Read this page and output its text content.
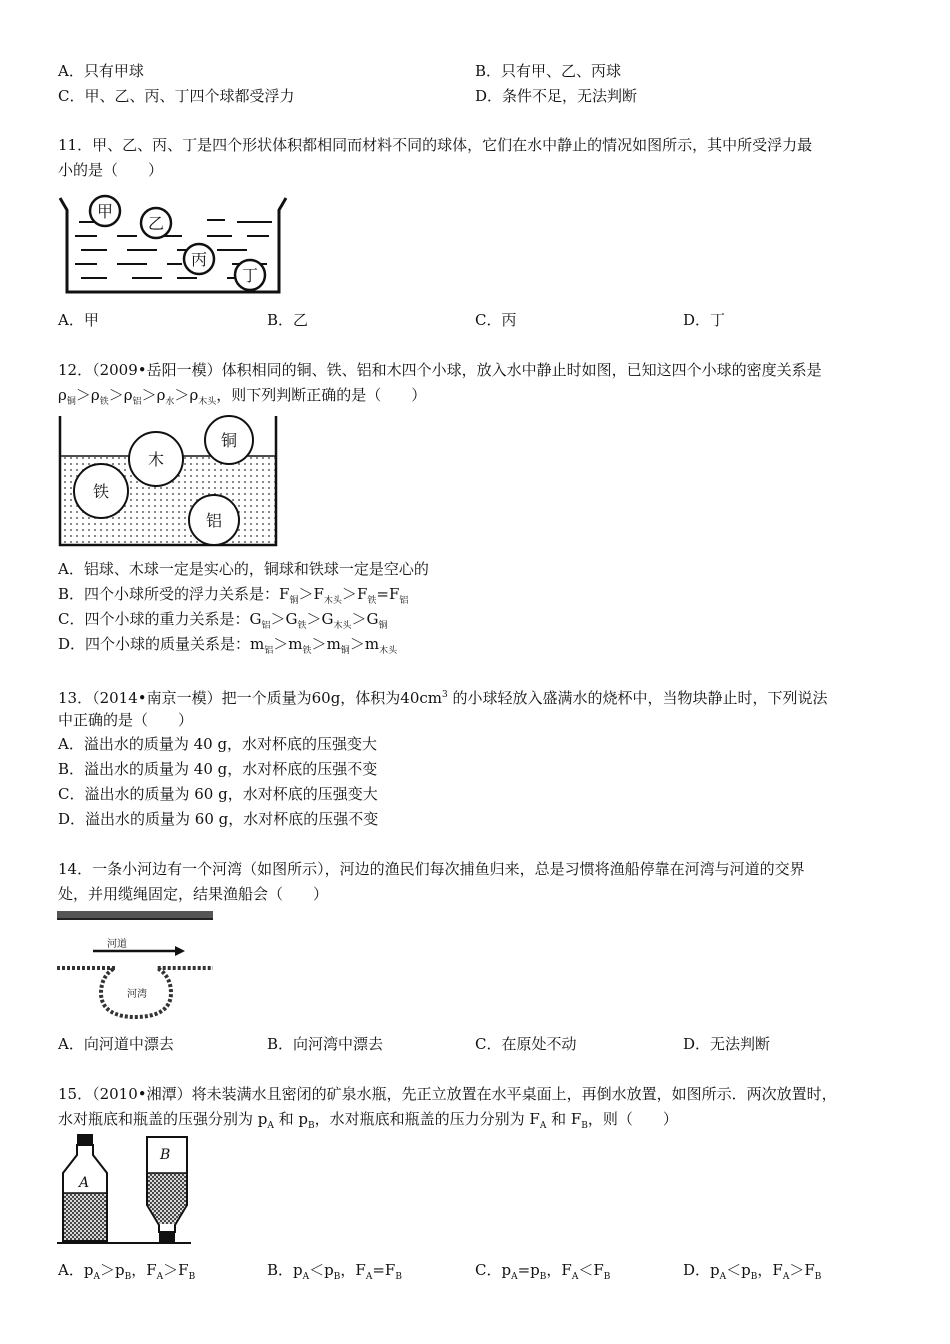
A．只有甲球	B．只有甲、乙、丙球
C．甲、乙、丙、丁四个球都受浮力	D．条件不足，无法判断
11．甲、乙、丙、丁是四个形状体积都相同而材料不同的球体，它们在水中静止的情况如图所示，其中所受浮力最
小的是（　　）
甲
乙
丙
丁
A．甲	B．乙	C．丙	D．丁
12．（2009•岳阳一模）体积相同的铜、铁、铝和木四个小球，放入水中静止时如图，已知这四个小球的密度关系是
$\rho_铜>\rho_铁>\rho_铝>\rho_水>\rho_{木头}$，则下列判断正确的是（　　）
木
铜
铁
铝
A．铝球、木球一定是实心的，铜球和铁球一定是空心的
B．四个小球所受的浮力关系是：$F_铜>F_{木头}>F_铁=F_铝$
C．四个小球的重力关系是：$G_铝>G_铁>G_{木头}>G_铜$
D．四个小球的质量关系是：$m_铝>m_铁>m_铜>m_{木头}$
13．（2014•南京一模）把一个质量为60g，体积为$40cm^3$ 的小球轻放入盛满水的烧杯中，当物块静止时，下列说法
中正确的是（　　）
A．溢出水的质量为 40 g，水对杯底的压强变大
B．溢出水的质量为 40 g，水对杯底的压强不变
C．溢出水的质量为 60 g，水对杯底的压强变大
D．溢出水的质量为 60 g，水对杯底的压强不变
14．一条小河边有一个河湾（如图所示），河边的渔民们每次捕鱼归来，总是习惯将渔船停靠在河湾与河道的交界
处，并用缆绳固定，结果渔船会（　　）
河道
河湾
A．向河道中漂去	B．向河湾中漂去	C．在原处不动	D．无法判断
15．（2010•湘潭）将未装满水且密闭的矿泉水瓶，先正立放置在水平桌面上，再倒水放置，如图所示．两次放置时，
水对瓶底和瓶盖的压强分别为 $p_A$ 和 $p_B$，水对瓶底和瓶盖的压力分别为 $F_A$ 和 $F_B$，则（　　）
A
B
A．$p_A>p_B$，$F_A>F_B$	B．$p_A<p_B$，$F_A=F_B$	C．$p_A=p_B$，$F_A<F_B$	D．$p_A<p_B$，$F_A>F_B$
